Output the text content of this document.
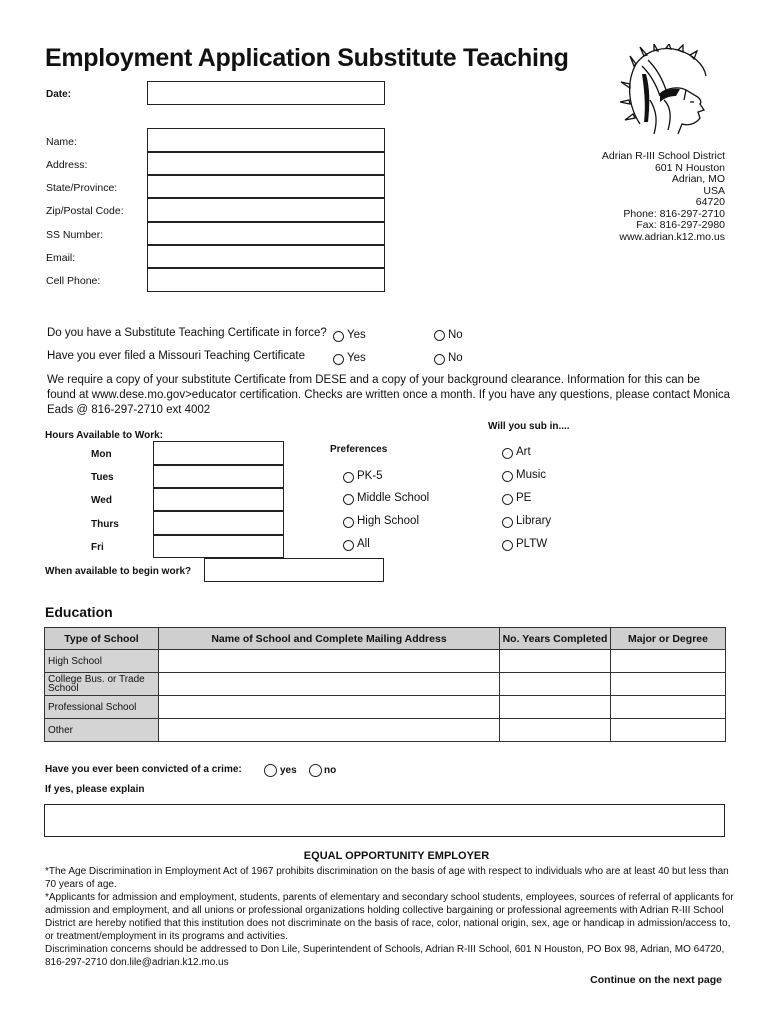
Employment Application Substitute Teaching
Date:
Name:
Address:
State/Province:
Zip/Postal Code:
SS Number:
Email:
Cell Phone:
Adrian R-III School District
601 N Houston
Adrian, MO
USA
64720
Phone: 816-297-2710
Fax: 816-297-2980
www.adrian.k12.mo.us
Do you have a Substitute Teaching Certificate in force? Yes	No
Have you ever filed a Missouri Teaching Certificate	Yes	No
We require a copy of your substitute Certificate from DESE and a copy of your background clearance. Information for this can be found at www.dese.mo.gov>educator certification. Checks are written once a month. If you have any questions, please contact Monica Eads @ 816-297-2710 ext 4002
Hours Available to Work:
Mon
Tues
Wed
Thurs
Fri
When available to begin work?
Preferences
PK-5
Middle School
High School
All
Will you sub in....
Art
Music
PE
Library
PLTW
Education
Type of School	Name of School and Complete Mailing Address	No. Years Completed	Major or Degree
High School			
College Bus. or Trade School			
Professional School			
Other			
Have you ever been convicted of a crime:	yes	no
If yes, please explain
EQUAL OPPORTUNITY EMPLOYER

*The Age Discrimination in Employment Act of 1967 prohibits discrimination on the basis of age with respect to individuals who are at least 40 but less than 70 years of age.

*Applicants for admission and employment, students, parents of elementary and secondary school students, employees, sources of referral of applicants for admission and employment, and all unions or professional organizations holding collective bargaining or professional agreements with Adrian R-III School District are hereby notified that this institution does not discriminate on the basis of race, color, national origin, sex, age or handicap in admission/access to, or treatment/employment in its programs and activities.

Discrimination concerns should be addressed to Don Lile, Superintendent of Schools, Adrian R-III School, 601 N Houston, PO Box 98, Adrian, MO 64720, 816-297-2710 don.lile@adrian.k12.mo.us

Continue on the next page
